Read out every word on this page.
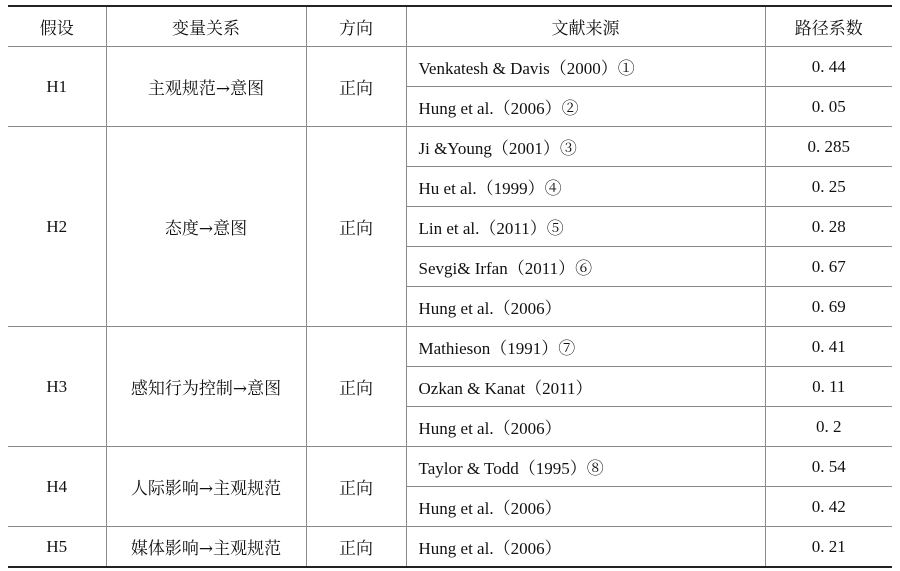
假设	变量关系	方向	文献来源	路径系数
H1	主观规范→意图	正向	Venkatesh & Davis（2000）①	0. 44
			Hung et al.（2006）②	0. 05
H2	态度→意图	正向	Ji &Young（2001）③	0. 285
			Hu et al.（1999）④	0. 25
			Lin et al.（2011）⑤	0. 28
			Sevgi& Irfan（2011）⑥	0. 67
			Hung et al.（2006）	0. 69
H3	感知行为控制→意图	正向	Mathieson（1991）⑦	0. 41
			Ozkan & Kanat（2011）	0. 11
			Hung et al.（2006）	0. 2
H4	人际影响→主观规范	正向	Taylor & Todd（1995）⑧	0. 54
			Hung et al.（2006）	0. 42
H5	媒体影响→主观规范	正向	Hung et al.（2006）	0. 21
